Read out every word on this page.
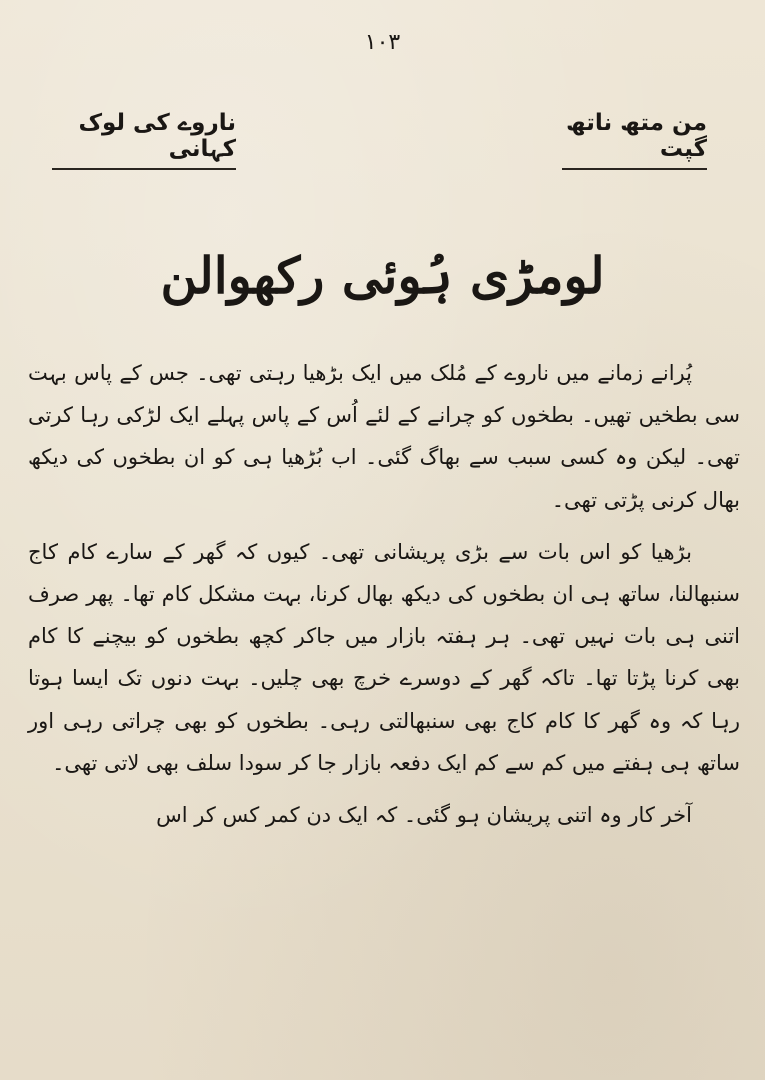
۱۰۳
من متھ ناتھ گپت
ناروے کی لوک کہانی
لومڑی ہُوئی رکھوالن

پُرانے زمانے میں ناروے کے مُلک میں ایک بڑھیا رہتی تھی۔ جس کے پاس بہت سی بطخیں تھیں۔ بطخوں کو چرانے کے لئے اُس کے پاس پہلے ایک لڑکی رہا کرتی تھی۔ لیکن وہ کسی سبب سے بھاگ گئی۔ اب بُڑھیا ہی کو ان بطخوں کی دیکھ بھال کرنی پڑتی تھی۔

بڑھیا کو اس بات سے بڑی پریشانی تھی۔ کیوں کہ گھر کے سارے کام کاج سنبھالنا، ساتھ ہی ان بطخوں کی دیکھ بھال کرنا، بہت مشکل کام تھا۔ پھر صرف اتنی ہی بات نہیں تھی۔ ہر ہفتہ بازار میں جاکر کچھ بطخوں کو بیچنے کا کام بھی کرنا پڑتا تھا۔ تاکہ گھر کے دوسرے خرچ بھی چلیں۔ بہت دنوں تک ایسا ہوتا رہا کہ وہ گھر کا کام کاج بھی سنبھالتی رہی۔ بطخوں کو بھی چراتی رہی اور ساتھ ہی ہفتے میں کم سے کم ایک دفعہ بازار جا کر سودا سلف بھی لاتی تھی۔

آخر کار وہ اتنی پریشان ہو گئی۔ کہ ایک دن کمر کس کر اس
